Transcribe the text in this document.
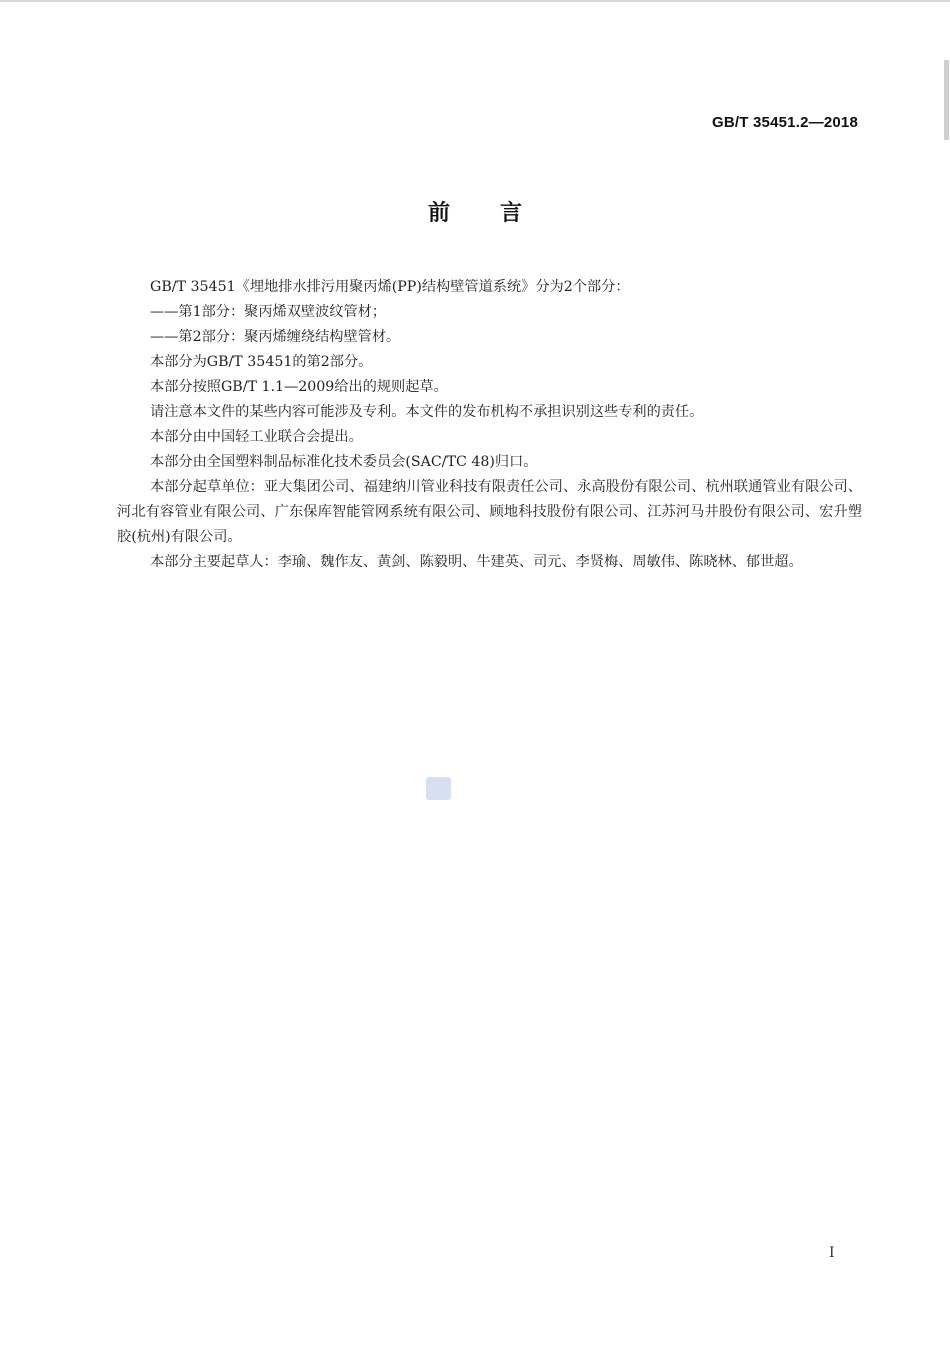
GB/T 35451.2—2018
前言

GB/T 35451《埋地排水排污用聚丙烯(PP)结构壁管道系统》分为2个部分：

——第1部分：聚丙烯双壁波纹管材；

——第2部分：聚丙烯缠绕结构壁管材。

本部分为GB/T 35451的第2部分。

本部分按照GB/T 1.1—2009给出的规则起草。

请注意本文件的某些内容可能涉及专利。本文件的发布机构不承担识别这些专利的责任。

本部分由中国轻工业联合会提出。

本部分由全国塑料制品标准化技术委员会(SAC/TC 48)归口。

本部分起草单位：亚大集团公司、福建纳川管业科技有限责任公司、永高股份有限公司、杭州联通管业有限公司、河北有容管业有限公司、广东保库智能管网系统有限公司、顾地科技股份有限公司、江苏河马井股份有限公司、宏升塑胶(杭州)有限公司。

本部分主要起草人：李瑜、魏作友、黄剑、陈毅明、牛建英、司元、李贤梅、周敏伟、陈晓林、郁世超。

I
